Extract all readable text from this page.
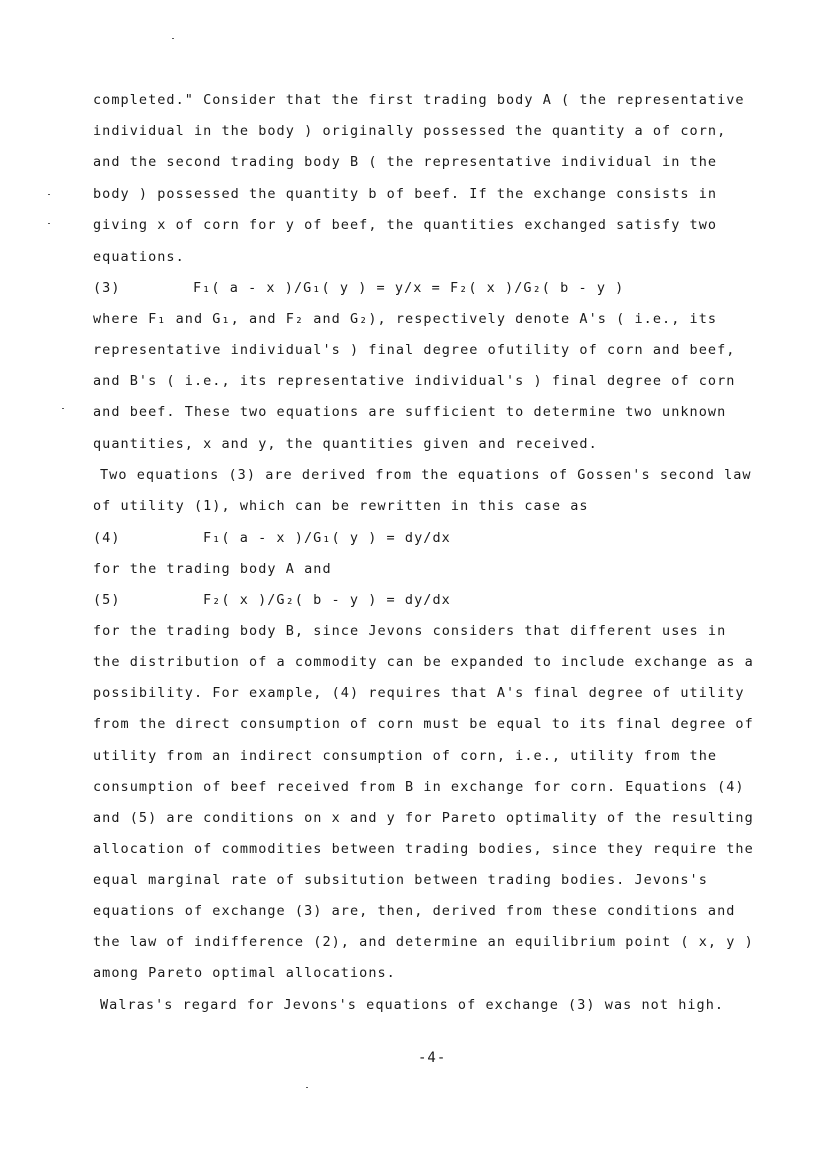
completed." Consider that the first trading body A ( the representative
individual in the body ) originally possessed the quantity a of corn,
and the second trading body B ( the representative individual in the
body ) possessed the quantity b of beef. If the exchange consists in
giving x of corn for y of beef, the quantities exchanged satisfy two
equations.
(3)	F₁( a - x )/G₁( y ) = y/x = F₂( x )/G₂( b - y )
where F₁ and G₁, and F₂ and G₂), respectively denote A's ( i.e., its
representative individual's ) final degree ofutility of corn and beef,
and B's ( i.e., its representative individual's ) final degree of corn
and beef. These two equations are sufficient to determine two unknown
quantities, x and y, the quantities given and received.
Two equations (3) are derived from the equations of Gossen's second law
of utility (1), which can be rewritten in this case as
(4)	F₁( a - x )/G₁( y ) = dy/dx
for the trading body A and
(5)	F₂( x )/G₂( b - y ) = dy/dx
for the trading body B, since Jevons considers that different uses in
the distribution of a commodity can be expanded to include exchange as a
possibility. For example, (4) requires that A's final degree of utility
from the direct consumption of corn must be equal to its final degree of
utility from an indirect consumption of corn, i.e., utility from the
consumption of beef received from B in exchange for corn. Equations (4)
and (5) are conditions on x and y for Pareto optimality of the resulting
allocation of commodities between trading bodies, since they require the
equal marginal rate of subsitution between trading bodies. Jevons's
equations of exchange (3) are, then, derived from these conditions and
the law of indifference (2), and determine an equilibrium point ( x, y )
among Pareto optimal allocations.
Walras's regard for Jevons's equations of exchange (3) was not high.
-4-
